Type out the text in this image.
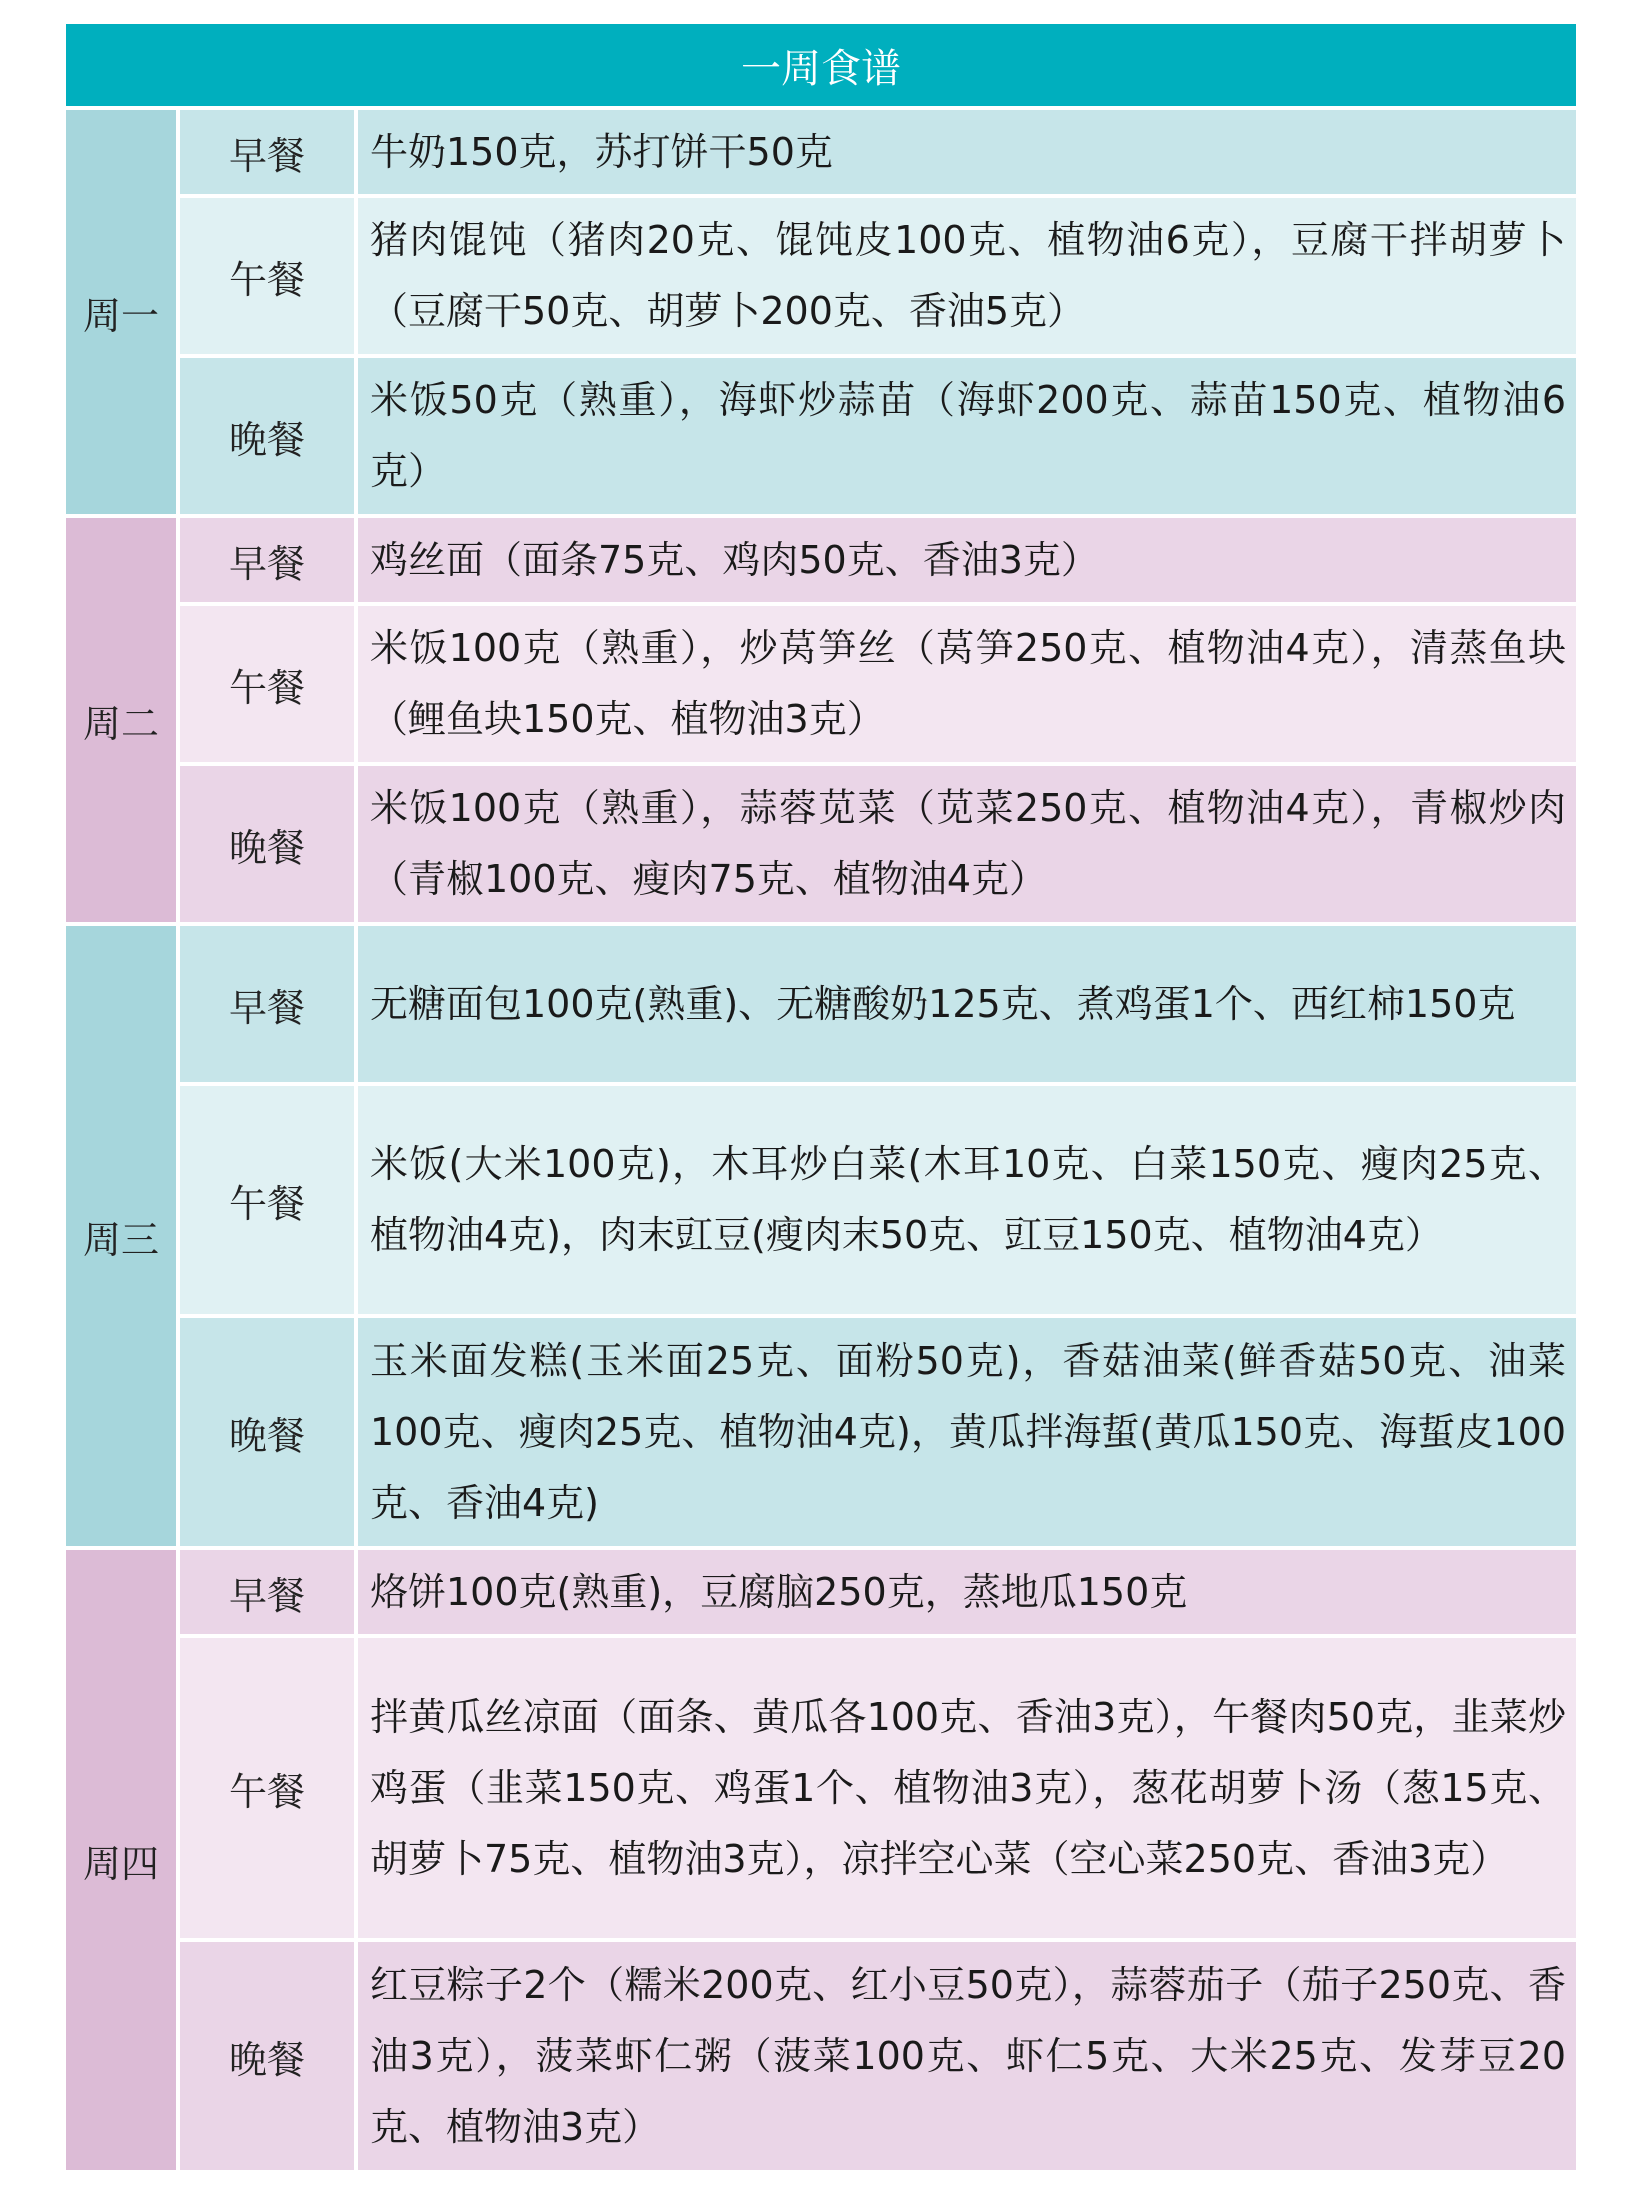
一周食谱		
周一	早餐	牛奶150克，苏打饼干50克
	午餐	猪肉馄饨（猪肉20克、馄饨皮100克、植物油6克），豆腐干拌胡萝卜（豆腐干50克、胡萝卜200克、香油5克）
	晚餐	米饭50克（熟重），海虾炒蒜苗（海虾200克、蒜苗150克、植物油6克）
周二	早餐	鸡丝面（面条75克、鸡肉50克、香油3克）
	午餐	米饭100克（熟重），炒莴笋丝（莴笋250克、植物油4克），清蒸鱼块（鲤鱼块150克、植物油3克）
	晚餐	米饭100克（熟重），蒜蓉苋菜（苋菜250克、植物油4克），青椒炒肉（青椒100克、瘦肉75克、植物油4克）
周三	早餐	无糖面包100克(熟重)、无糖酸奶125克、煮鸡蛋1个、西红柿150克
	午餐	米饭(大米100克)，木耳炒白菜(木耳10克、白菜150克、瘦肉25克、植物油4克)，肉末豇豆(瘦肉末50克、豇豆150克、植物油4克）
	晚餐	玉米面发糕(玉米面25克、面粉50克)，香菇油菜(鲜香菇50克、油菜100克、瘦肉25克、植物油4克)，黄瓜拌海蜇(黄瓜150克、海蜇皮100克、香油4克)
周四	早餐	烙饼100克(熟重)，豆腐脑250克，蒸地瓜150克
	午餐	拌黄瓜丝凉面（面条、黄瓜各100克、香油3克），午餐肉50克，韭菜炒鸡蛋（韭菜150克、鸡蛋1个、植物油3克），葱花胡萝卜汤（葱15克、胡萝卜75克、植物油3克），凉拌空心菜（空心菜250克、香油3克）
	晚餐	红豆粽子2个（糯米200克、红小豆50克），蒜蓉茄子（茄子250克、香油3克），菠菜虾仁粥（菠菜100克、虾仁5克、大米25克、发芽豆20克、植物油3克）
